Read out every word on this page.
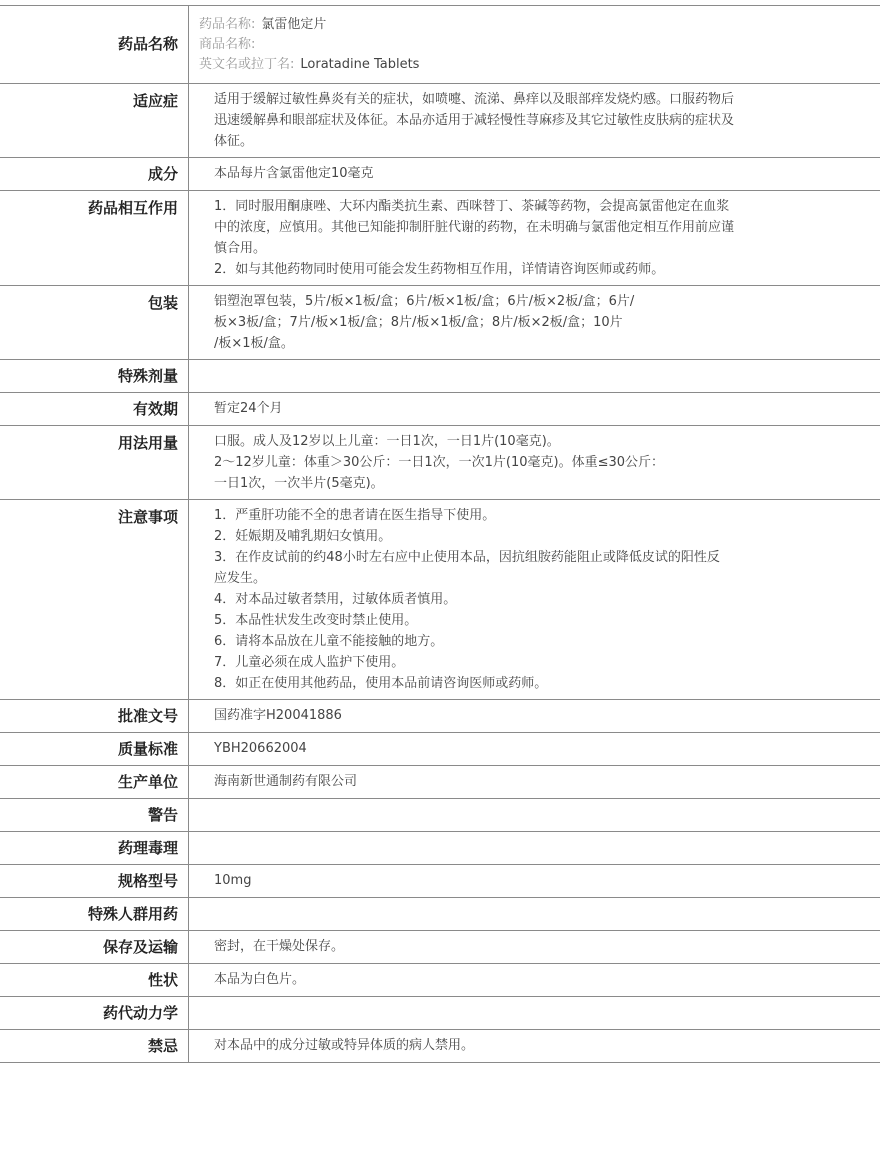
药品名称
药品名称: 氯雷他定片
商品名称:
英文名或拉丁名: Loratadine Tablets
适应症	适用于缓解过敏性鼻炎有关的症状，如喷嚏、流涕、鼻痒以及眼部痒发烧灼感。口服药物后
迅速缓解鼻和眼部症状及体征。本品亦适用于减轻慢性荨麻疹及其它过敏性皮肤病的症状及
体征。
成分	本品每片含氯雷他定10毫克
药品相互作用	1．同时服用酮康唑、大环内酯类抗生素、西咪替丁、茶碱等药物，会提高氯雷他定在血浆
中的浓度，应慎用。其他已知能抑制肝脏代谢的药物，在未明确与氯雷他定相互作用前应谨
慎合用。
2．如与其他药物同时使用可能会发生药物相互作用，详情请咨询医师或药师。
包装	铝塑泡罩包装，5片/板×1板/盒；6片/板×1板/盒；6片/板×2板/盒；6片/
板×3板/盒；7片/板×1板/盒；8片/板×1板/盒；8片/板×2板/盒；10片
/板×1板/盒。
特殊剂量
有效期	暂定24个月
用法用量	口服。成人及12岁以上儿童：一日1次，一日1片(10毫克)。
2～12岁儿童：体重＞30公斤：一日1次，一次1片(10毫克)。体重≤30公斤：
一日1次，一次半片(5毫克)。
注意事项	1．严重肝功能不全的患者请在医生指导下使用。
2．妊娠期及哺乳期妇女慎用。
3．在作皮试前的约48小时左右应中止使用本品，因抗组胺药能阻止或降低皮试的阳性反
应发生。
4．对本品过敏者禁用，过敏体质者慎用。
5．本品性状发生改变时禁止使用。
6．请将本品放在儿童不能接触的地方。
7．儿童必须在成人监护下使用。
8．如正在使用其他药品，使用本品前请咨询医师或药师。
批准文号	国药准字H20041886
质量标准	YBH20662004
生产单位	海南新世通制药有限公司
警告
药理毒理
规格型号	10mg
特殊人群用药
保存及运输	密封，在干燥处保存。
性状	本品为白色片。
药代动力学
禁忌	对本品中的成分过敏或特异体质的病人禁用。
